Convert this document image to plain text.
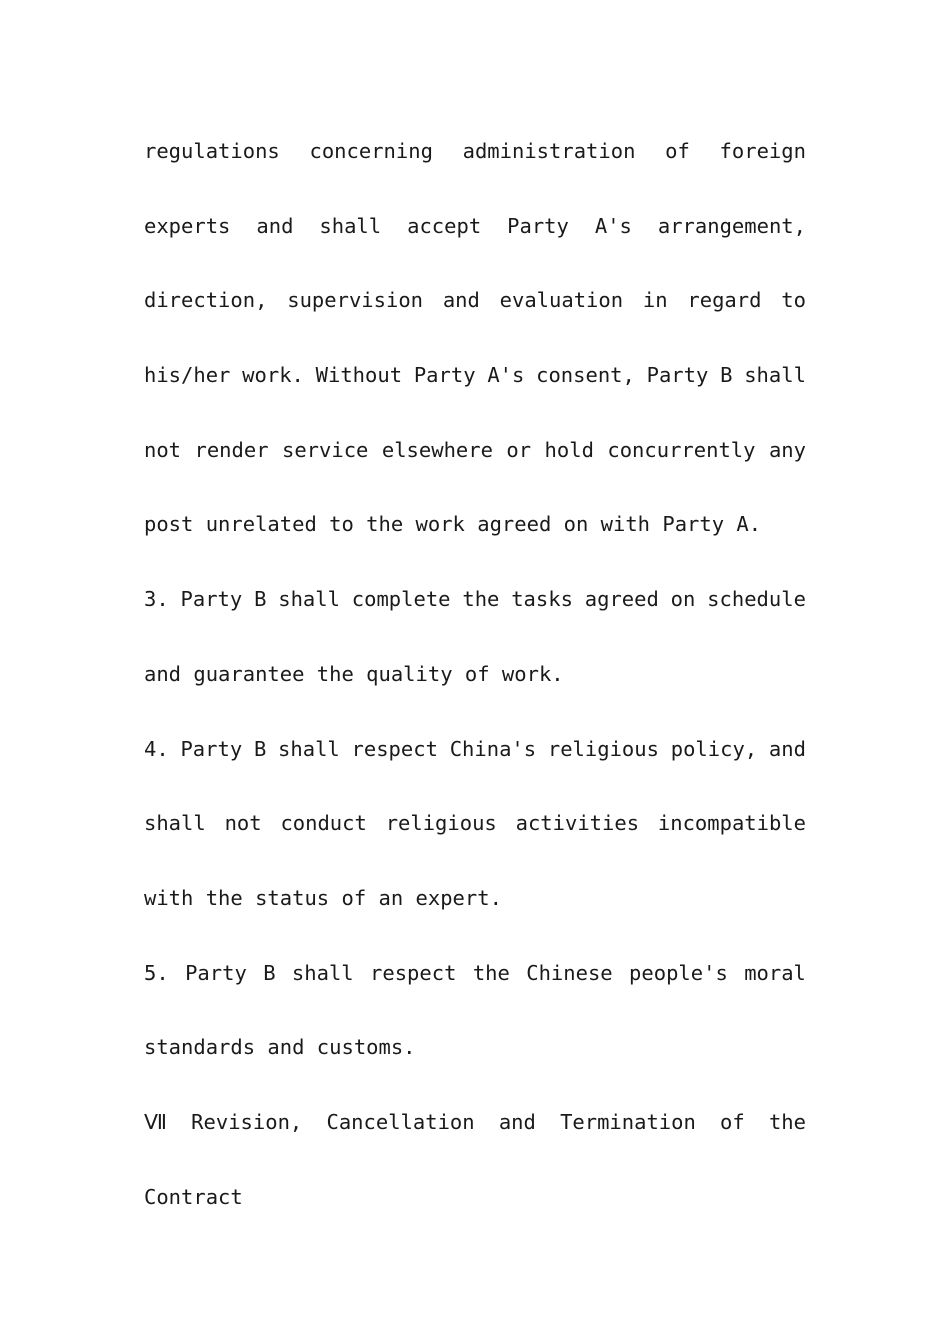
regulations concerning administration of foreign
experts and shall accept Party A's arrangement,
direction, supervision and evaluation in regard to
his/her work. Without Party A's consent, Party B shall
not render service elsewhere or hold concurrently any
post unrelated to the work agreed on with Party A.
3. Party B shall complete the tasks agreed on schedule
and guarantee the quality of work.
4. Party B shall respect China's religious policy, and
shall not conduct religious activities incompatible
with the status of an expert.
5. Party B shall respect the Chinese people's moral
standards and customs.
Ⅶ Revision, Cancellation and Termination of the
Contract
